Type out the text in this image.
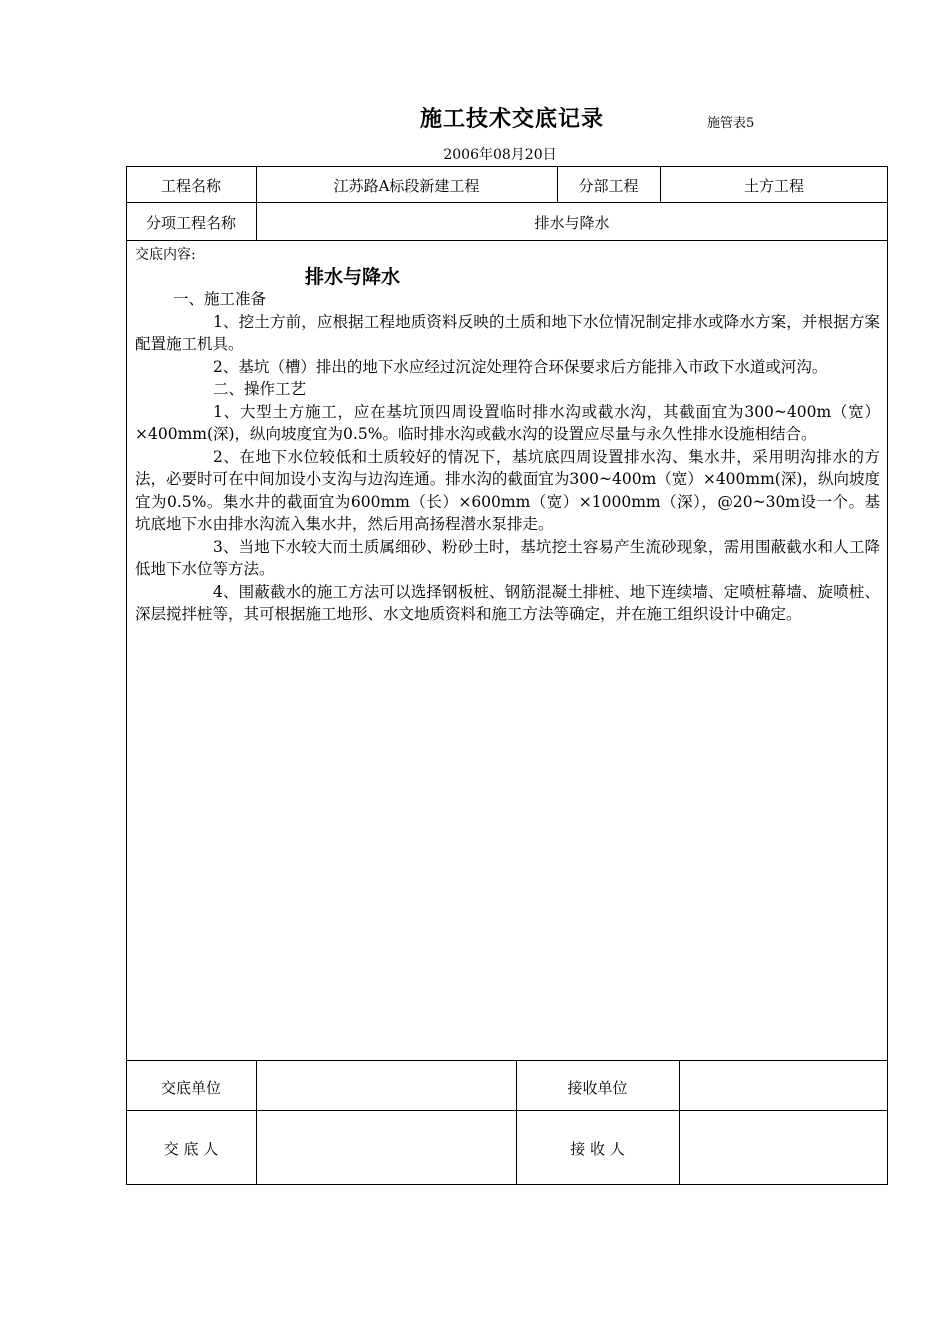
施工技术交底记录	施管表5
2006年08月20日
工程名称	江苏路A标段新建工程	分部工程	土方工程
分项工程名称	排水与降水
交底内容:
排水与降水

一、施工准备

1、挖土方前，应根据工程地质资料反映的土质和地下水位情况制定排水或降水方案，并根据方案配置施工机具。

2、基坑（槽）排出的地下水应经过沉淀处理符合环保要求后方能排入市政下水道或河沟。

二、操作工艺

1、大型土方施工，应在基坑顶四周设置临时排水沟或截水沟，其截面宜为300~400m（宽）×400mm(深)，纵向坡度宜为0.5%。临时排水沟或截水沟的设置应尽量与永久性排水设施相结合。

2、在地下水位较低和土质较好的情况下，基坑底四周设置排水沟、集水井，采用明沟排水的方法，必要时可在中间加设小支沟与边沟连通。排水沟的截面宜为300~400m（宽）×400mm(深)，纵向坡度宜为0.5%。集水井的截面宜为600mm（长）×600mm（宽）×1000mm（深），@20~30m设一个。基坑底地下水由排水沟流入集水井，然后用高扬程潜水泵排走。

3、当地下水较大而土质属细砂、粉砂土时，基坑挖土容易产生流砂现象，需用围蔽截水和人工降低地下水位等方法。

4、围蔽截水的施工方法可以选择钢板桩、钢筋混凝土排桩、地下连续墙、定喷桩幕墙、旋喷桩、深层搅拌桩等，其可根据施工地形、水文地质资料和施工方法等确定，并在施工组织设计中确定。

交底单位	接收单位
交 底 人	接 收 人
